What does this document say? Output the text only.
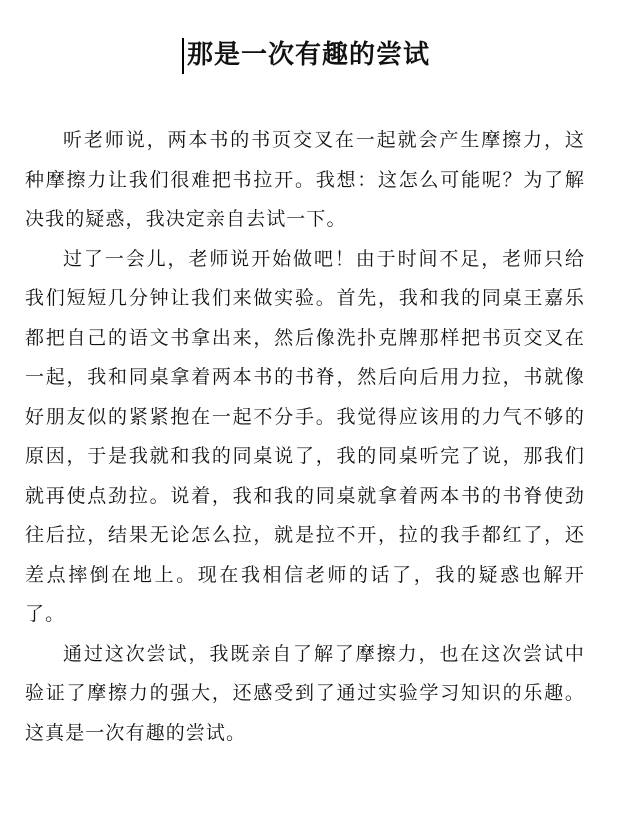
那是一次有趣的尝试

听老师说，两本书的书页交叉在一起就会产生摩擦力，这种摩擦力让我们很难把书拉开。我想：这怎么可能呢？为了解决我的疑惑，我决定亲自去试一下。

过了一会儿，老师说开始做吧！由于时间不足，老师只给我们短短几分钟让我们来做实验。首先，我和我的同桌王嘉乐都把自己的语文书拿出来，然后像洗扑克牌那样把书页交叉在一起，我和同桌拿着两本书的书脊，然后向后用力拉，书就像好朋友似的紧紧抱在一起不分手。我觉得应该用的力气不够的原因，于是我就和我的同桌说了，我的同桌听完了说，那我们就再使点劲拉。说着，我和我的同桌就拿着两本书的书脊使劲往后拉，结果无论怎么拉，就是拉不开，拉的我手都红了，还差点摔倒在地上。现在我相信老师的话了，我的疑惑也解开了。

通过这次尝试，我既亲自了解了摩擦力，也在这次尝试中验证了摩擦力的强大，还感受到了通过实验学习知识的乐趣。这真是一次有趣的尝试。
